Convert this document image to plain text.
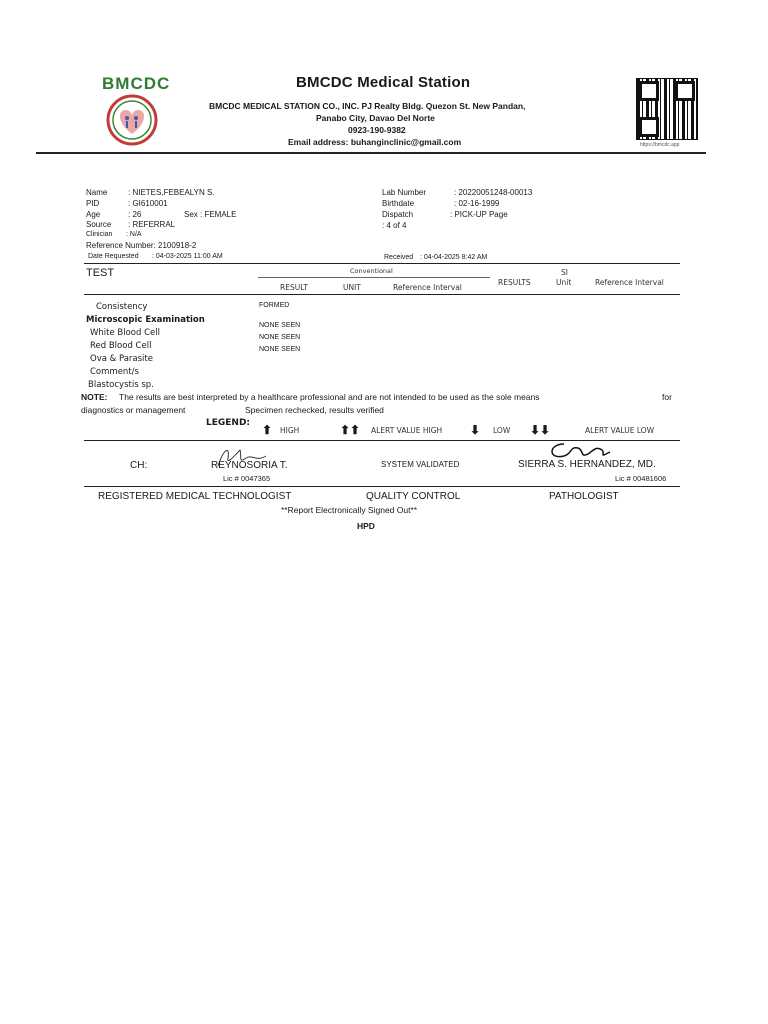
BMCDC	BMCDC Medical Station
BMCDC MEDICAL STATION CO., INC. PJ Realty Bldg. Quezon St. New Pandan,
Panabo City, Davao Del Norte
0923-190-9382
Email address: buhanginclinic@gmail.com	https://bmcdc.app
Name	: NIETES,FEBEALYN S.
PID	: GI610001
Age	: 26	Sex : FEMALE
Source : REFERRAL
Clinician : N/A
Reference Number: 2100918-2
Date Requested : 04-03-2025 11:00 AM
Lab Number	: 20220051248-00013
Birthdate	: 02-16-1999
Dispatch	: PICK-UP Page
: 4 of 4
Received : 04-04-2025 8:42 AM
TEST	Conventional	SI
RESULT	UNIT	Reference Interval
RESULTS	Unit	Reference Interval
Consistency	FORMED
Microscopic Examination
White Blood Cell
NONE SEEN
Red Blood Cell
NONE SEEN
Ova & Parasite
NONE SEEN
Comment/s
Blastocystis sp.
NOTE: The results are best interpreted by a healthcare professional and are not intended to be used as the sole means	for
diagnostics or management	Specimen rechecked, results verified
LEGEND: ⬆ HIGH	⬆⬆ ALERT VALUE HIGH ⬇ LOW ⬇⬇	ALERT VALUE LOW
CH:	REYNOSORIA T.
Lic # 0047365
SYSTEM VALIDATED	SIERRA S. HERNANDEZ, MD.
Lic # 00481606
REGISTERED MEDICAL TECHNOLOGIST	QUALITY CONTROL	PATHOLOGIST
**Report Electronically Signed Out**
HPD
